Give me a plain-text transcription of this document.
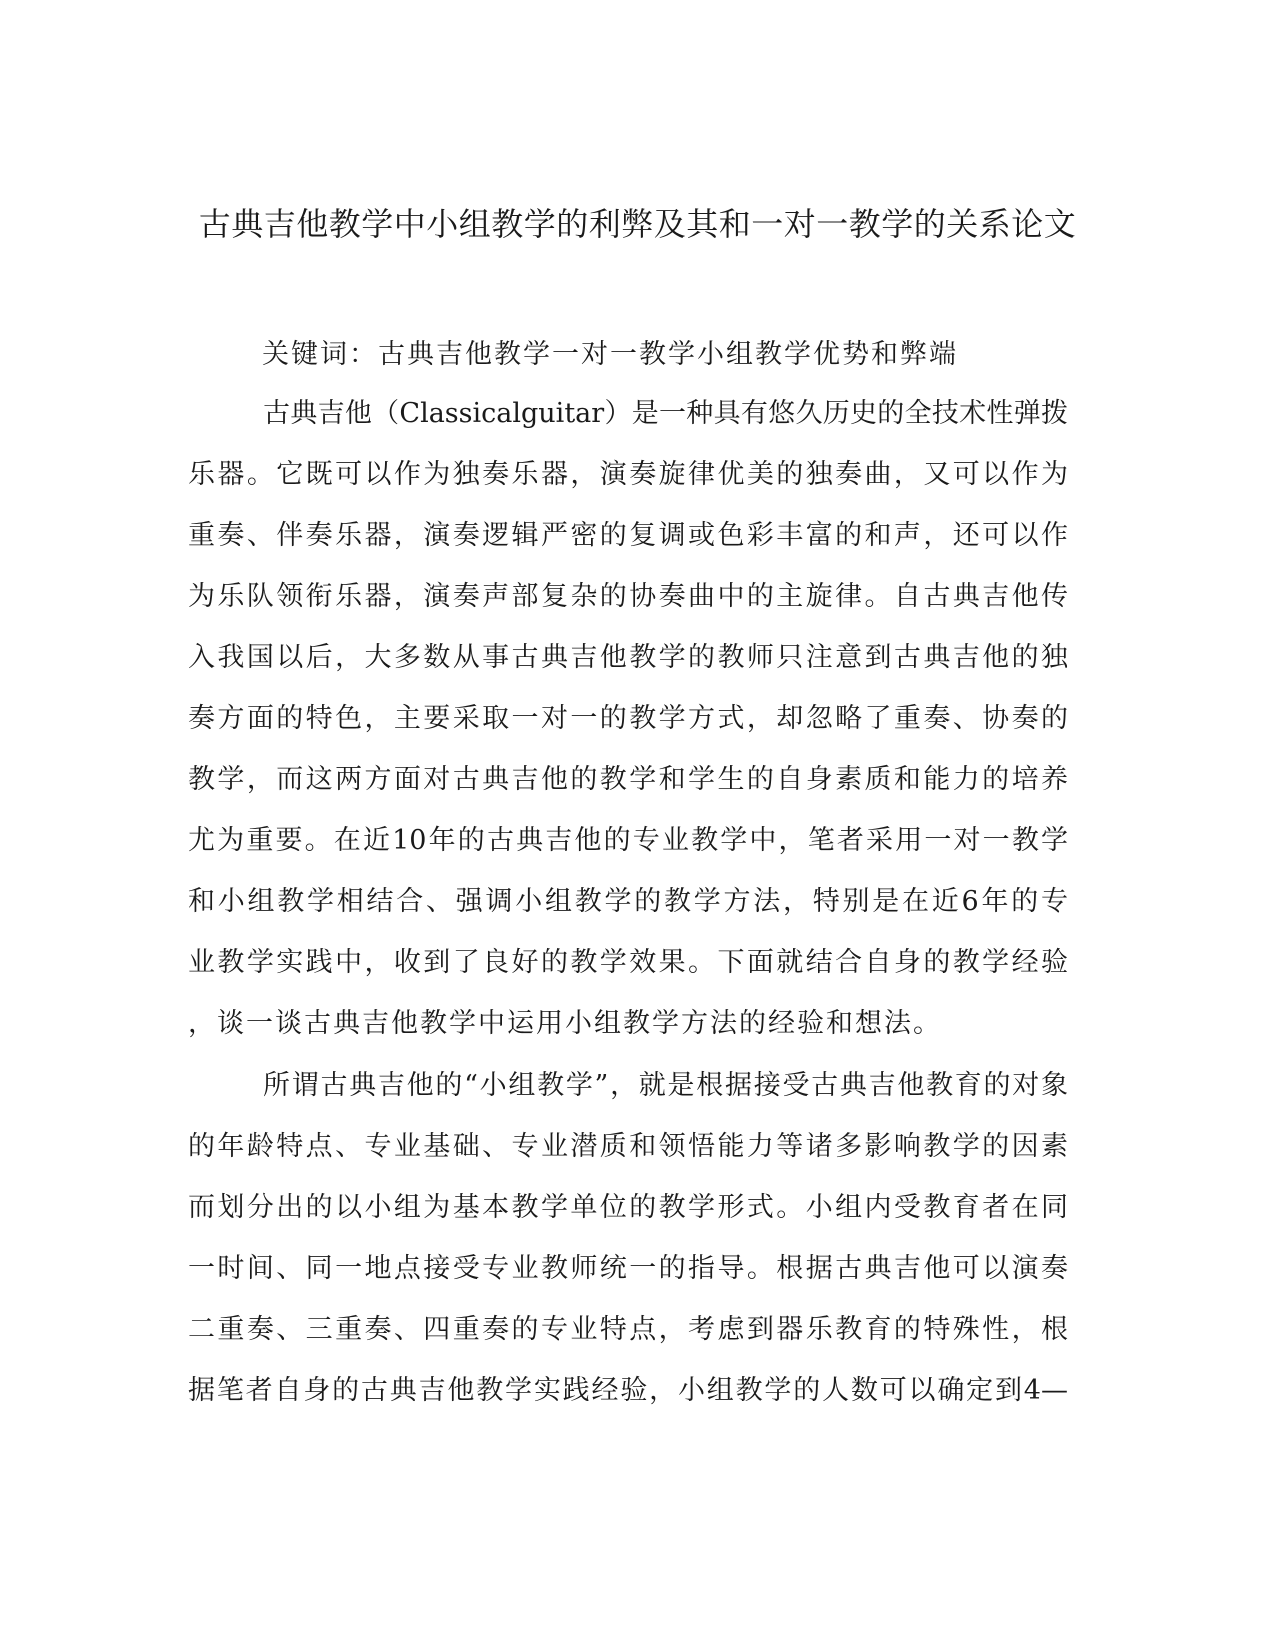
古典吉他教学中小组教学的利弊及其和一对一教学的关系论文
关键词：古典吉他教学一对一教学小组教学优势和弊端
古典吉他（Classicalguitar）是一种具有悠久历史的全技术性弹拨
乐器。它既可以作为独奏乐器，演奏旋律优美的独奏曲，又可以作为
重奏、伴奏乐器，演奏逻辑严密的复调或色彩丰富的和声，还可以作
为乐队领衔乐器，演奏声部复杂的协奏曲中的主旋律。自古典吉他传
入我国以后，大多数从事古典吉他教学的教师只注意到古典吉他的独
奏方面的特色，主要采取一对一的教学方式，却忽略了重奏、协奏的
教学，而这两方面对古典吉他的教学和学生的自身素质和能力的培养
尤为重要。在近10年的古典吉他的专业教学中，笔者采用一对一教学
和小组教学相结合、强调小组教学的教学方法，特别是在近6年的专
业教学实践中，收到了良好的教学效果。下面就结合自身的教学经验
，谈一谈古典吉他教学中运用小组教学方法的经验和想法。
所谓古典吉他的“小组教学”，就是根据接受古典吉他教育的对象
的年龄特点、专业基础、专业潜质和领悟能力等诸多影响教学的因素
而划分出的以小组为基本教学单位的教学形式。小组内受教育者在同
一时间、同一地点接受专业教师统一的指导。根据古典吉他可以演奏
二重奏、三重奏、四重奏的专业特点，考虑到器乐教育的特殊性，根
据笔者自身的古典吉他教学实践经验，小组教学的人数可以确定到4—
